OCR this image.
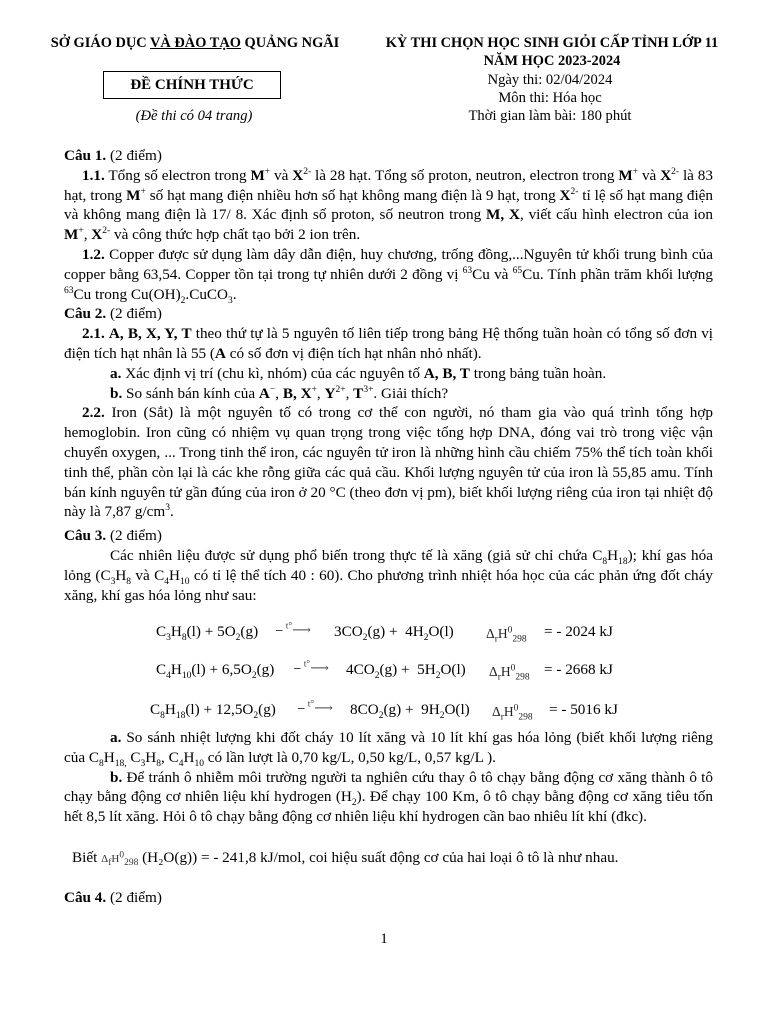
SỞ GIÁO DỤC VÀ ĐÀO TẠO QUẢNG NGÃI	KỲ THI CHỌN HỌC SINH GIỎI CẤP TỈNH LỚP 11
NĂM HỌC 2023-2024
ĐỀ CHÍNH THỨC
(Đề thi có 04 trang)
Ngày thi: 02/04/2024
Môn thi: Hóa học
Thời gian làm bài: 180 phút

Câu 1. (2 điểm)

1.1. Tổng số electron trong M+ và $X^{2-}$ là 28 hạt. Tổng số proton, neutron, electron trong M+ và $X^{2-}$ là 83 hạt, trong M+ số hạt mang điện nhiều hơn số hạt không mang điện là 9 hạt, trong $X^{2-}$ tỉ lệ số hạt mang điện và không mang điện là 17/ 8. Xác định số proton, số neutron trong M, X, viết cấu hình electron của ion M+, $X^{2-}$ và công thức hợp chất tạo bởi 2 ion trên.

1.2. Copper được sử dụng làm dây dẫn điện, huy chương, trống đồng,...Nguyên tử khối trung bình của copper bằng 63,54. Copper tồn tại trong tự nhiên dưới 2 đồng vị $^{63}$Cu và $^{65}$Cu. Tính phần trăm khối lượng $^{63}$Cu trong $Cu(OH)_2.CuCO_3$.

Câu 2. (2 điểm)

2.1. A, B, X, Y, T theo thứ tự là 5 nguyên tố liên tiếp trong bảng Hệ thống tuần hoàn có tổng số đơn vị điện tích hạt nhân là 55 (A có số đơn vị điện tích hạt nhân nhỏ nhất).

a. Xác định vị trí (chu kì, nhóm) của các nguyên tố A, B, T trong bảng tuần hoàn.

b. So sánh bán kính của A−, B, X+, $Y^{2+}$, $T^{3+}$. Giải thích?

2.2. Iron (Sắt) là một nguyên tố có trong cơ thể con người, nó tham gia vào quá trình tổng hợp hemoglobin. Iron cũng có nhiệm vụ quan trọng trong việc tổng hợp DNA, đóng vai trò trong việc vận chuyển oxygen, ... Trong tinh thể iron, các nguyên tử iron là những hình cầu chiếm 75% thể tích toàn khối tinh thể, phần còn lại là các khe rỗng giữa các quả cầu. Khối lượng nguyên tử của iron là 55,85 amu. Tính bán kính nguyên tử gần đúng của iron ở 20 °C (theo đơn vị pm), biết khối lượng riêng của iron tại nhiệt độ này là 7,87 $g/cm^3$.

Câu 3. (2 điểm)

Các nhiên liệu được sử dụng phổ biến trong thực tế là xăng (giả sử chỉ chứa $C_8H_{18}$); khí gas hóa lỏng ($C_3H_8$ và $C_4H_{10}$ có tỉ lệ thể tích 40 : 60). Cho phương trình nhiệt hóa học của các phản ứng đốt cháy xăng, khí gas hóa lỏng như sau:

$C_3H_8(l) + 5O_2(g)$ ⎯ $^{t^\circ}$⟶ $3CO_2(g) + 4H_2O(l) \Delta_rH^0_{298}$ = - 2024 kJ
$C_4H_{10}(l) + 6,5O_2(g)$ ⎯ $^{t^\circ}$⟶ $4CO_2(g) + 5H_2O(l) \Delta_rH^0_{298}$ = - 2668 kJ
$C_8H_{18}(l) + 12,5O_2(g)$ ⎯ $^{t^\circ}$⟶ $8CO_2(g) + 9H_2O(l) \Delta_rH^0_{298}$ = - 5016 kJ

a. So sánh nhiệt lượng khi đốt cháy 10 lít xăng và 10 lít khí gas hóa lỏng (biết khối lượng riêng của $C_8H_{18,}$ $C_3H_8$, $C_4H_{10}$ có lần lượt là 0,70 kg/L, 0,50 kg/L, 0,57 kg/L ).

b. Để tránh ô nhiễm môi trường người ta nghiên cứu thay ô tô chạy bằng động cơ xăng thành ô tô chạy bằng động cơ nhiên liệu khí hydrogen $(H_2)$. Để chạy 100 Km, ô tô chạy bằng động cơ xăng tiêu tốn hết 8,5 lít xăng. Hỏi ô tô chạy bằng động cơ nhiên liệu khí hydrogen cần bao nhiêu lít khí (đkc).

Biết $\Delta_fH^0_{298}$ (H₂O(g)) = - 241,8 kJ/mol, coi hiệu suất động cơ của hai loại ô tô là như nhau.
Câu 4. (2 điểm)
1
